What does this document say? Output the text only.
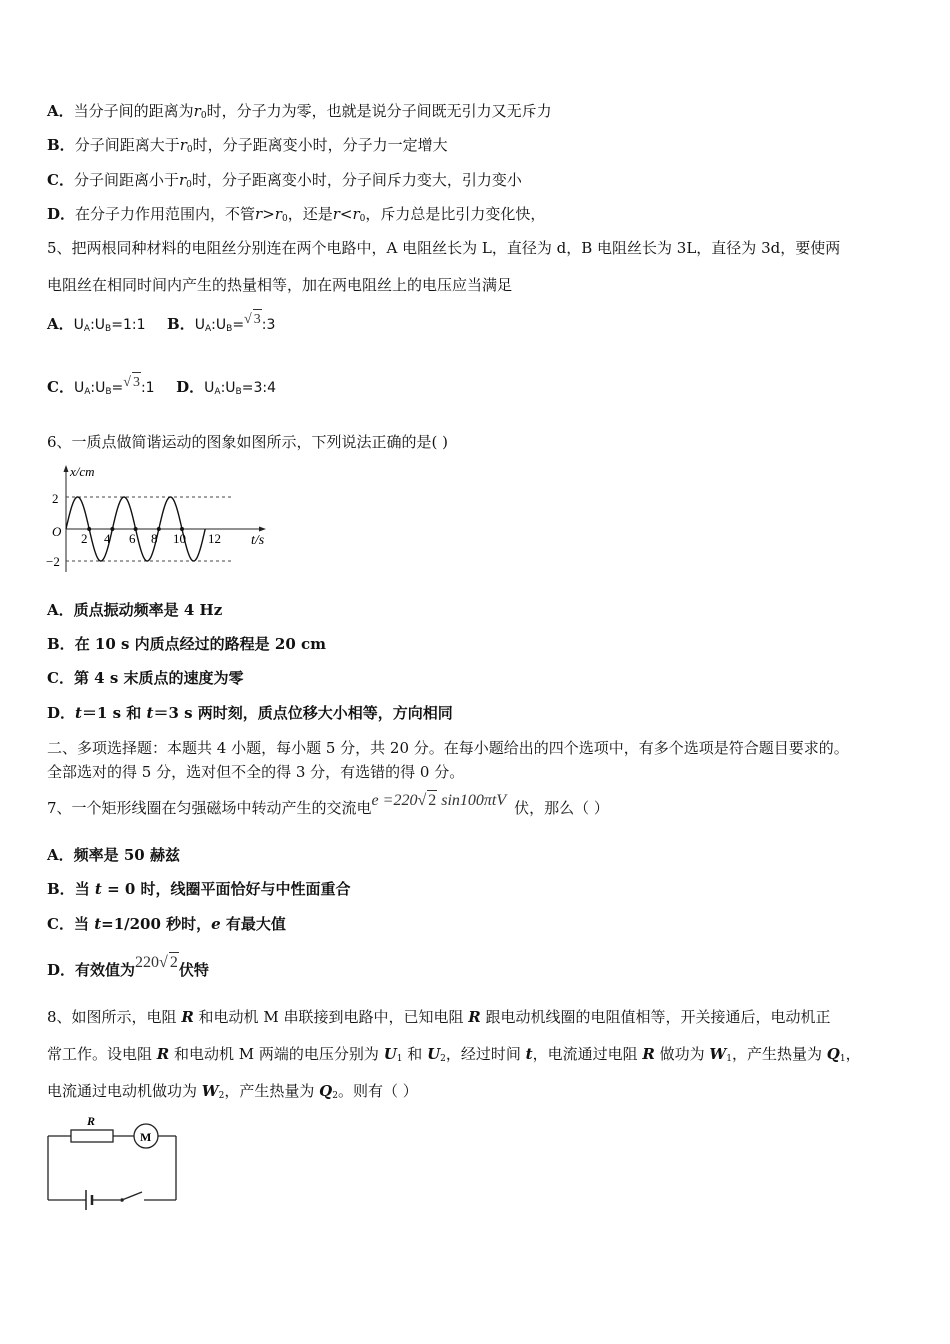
A．当分子间的距离为$r_0$时，分子力为零，也就是说分子间既无引力又无斥力
B．分子间距离大于$r_0$时，分子距离变小时，分子力一定增大
C．分子间距离小于$r_0$时，分子距离变小时，分子间斥力变大，引力变小
D．在分子力作用范围内，不管$r>r_0$，还是$r<r_0$，斥力总是比引力变化快，
5、把两根同种材料的电阻丝分别连在两个电路中，A 电阻丝长为 L，直径为 d，B 电阻丝长为 3L，直径为 3d，要使两
电阻丝在相同时间内产生的热量相等，加在两电阻丝上的电压应当满足
A．$U_A:U_B=1:1$ B．$U_A:U_B=√$ 3:3
C．$U_A:U_B=√$ 3:1 D．$U_A:U_B=3:4$
6、一质点做简谐运动的图象如图所示，下列说法正确的是( )
x/cm
t/s
O
2
−2
2 4 6 8 10 12
A．质点振动频率是 4 Hz
B．在 10 s 内质点经过的路程是 20 cm
C．第 4 s 末质点的速度为零
D．t＝1 s 和 t＝3 s 两时刻，质点位移大小相等，方向相同
二、多项选择题：本题共 4 小题，每小题 5 分，共 20 分。在每小题给出的四个选项中，有多个选项是符合题目要求的。
全部选对的得 5 分，选对但不全的得 3 分，有选错的得 0 分。
7、一个矩形线圈在匀强磁场中转动产生的交流电e =220√ 2 sin100πtV 伏，那么（ ）
A．频率是 50 赫兹
B．当 t = 0 时，线圈平面恰好与中性面重合
C．当 t=1/200 秒时，e 有最大值
D．有效值为220√ 2伏特
8、如图所示，电阻 R 和电动机 M 串联接到电路中，已知电阻 R 跟电动机线圈的电阻值相等，开关接通后，电动机正
常工作。设电阻 R 和电动机 M 两端的电压分别为 $U_1$ 和 $U_2$，经过时间 t，电流通过电阻 R 做功为 $W_1$，产生热量为 $Q_1$，
电流通过电动机做功为 $W_2$，产生热量为 $Q_2$。则有（ ）
R
M
